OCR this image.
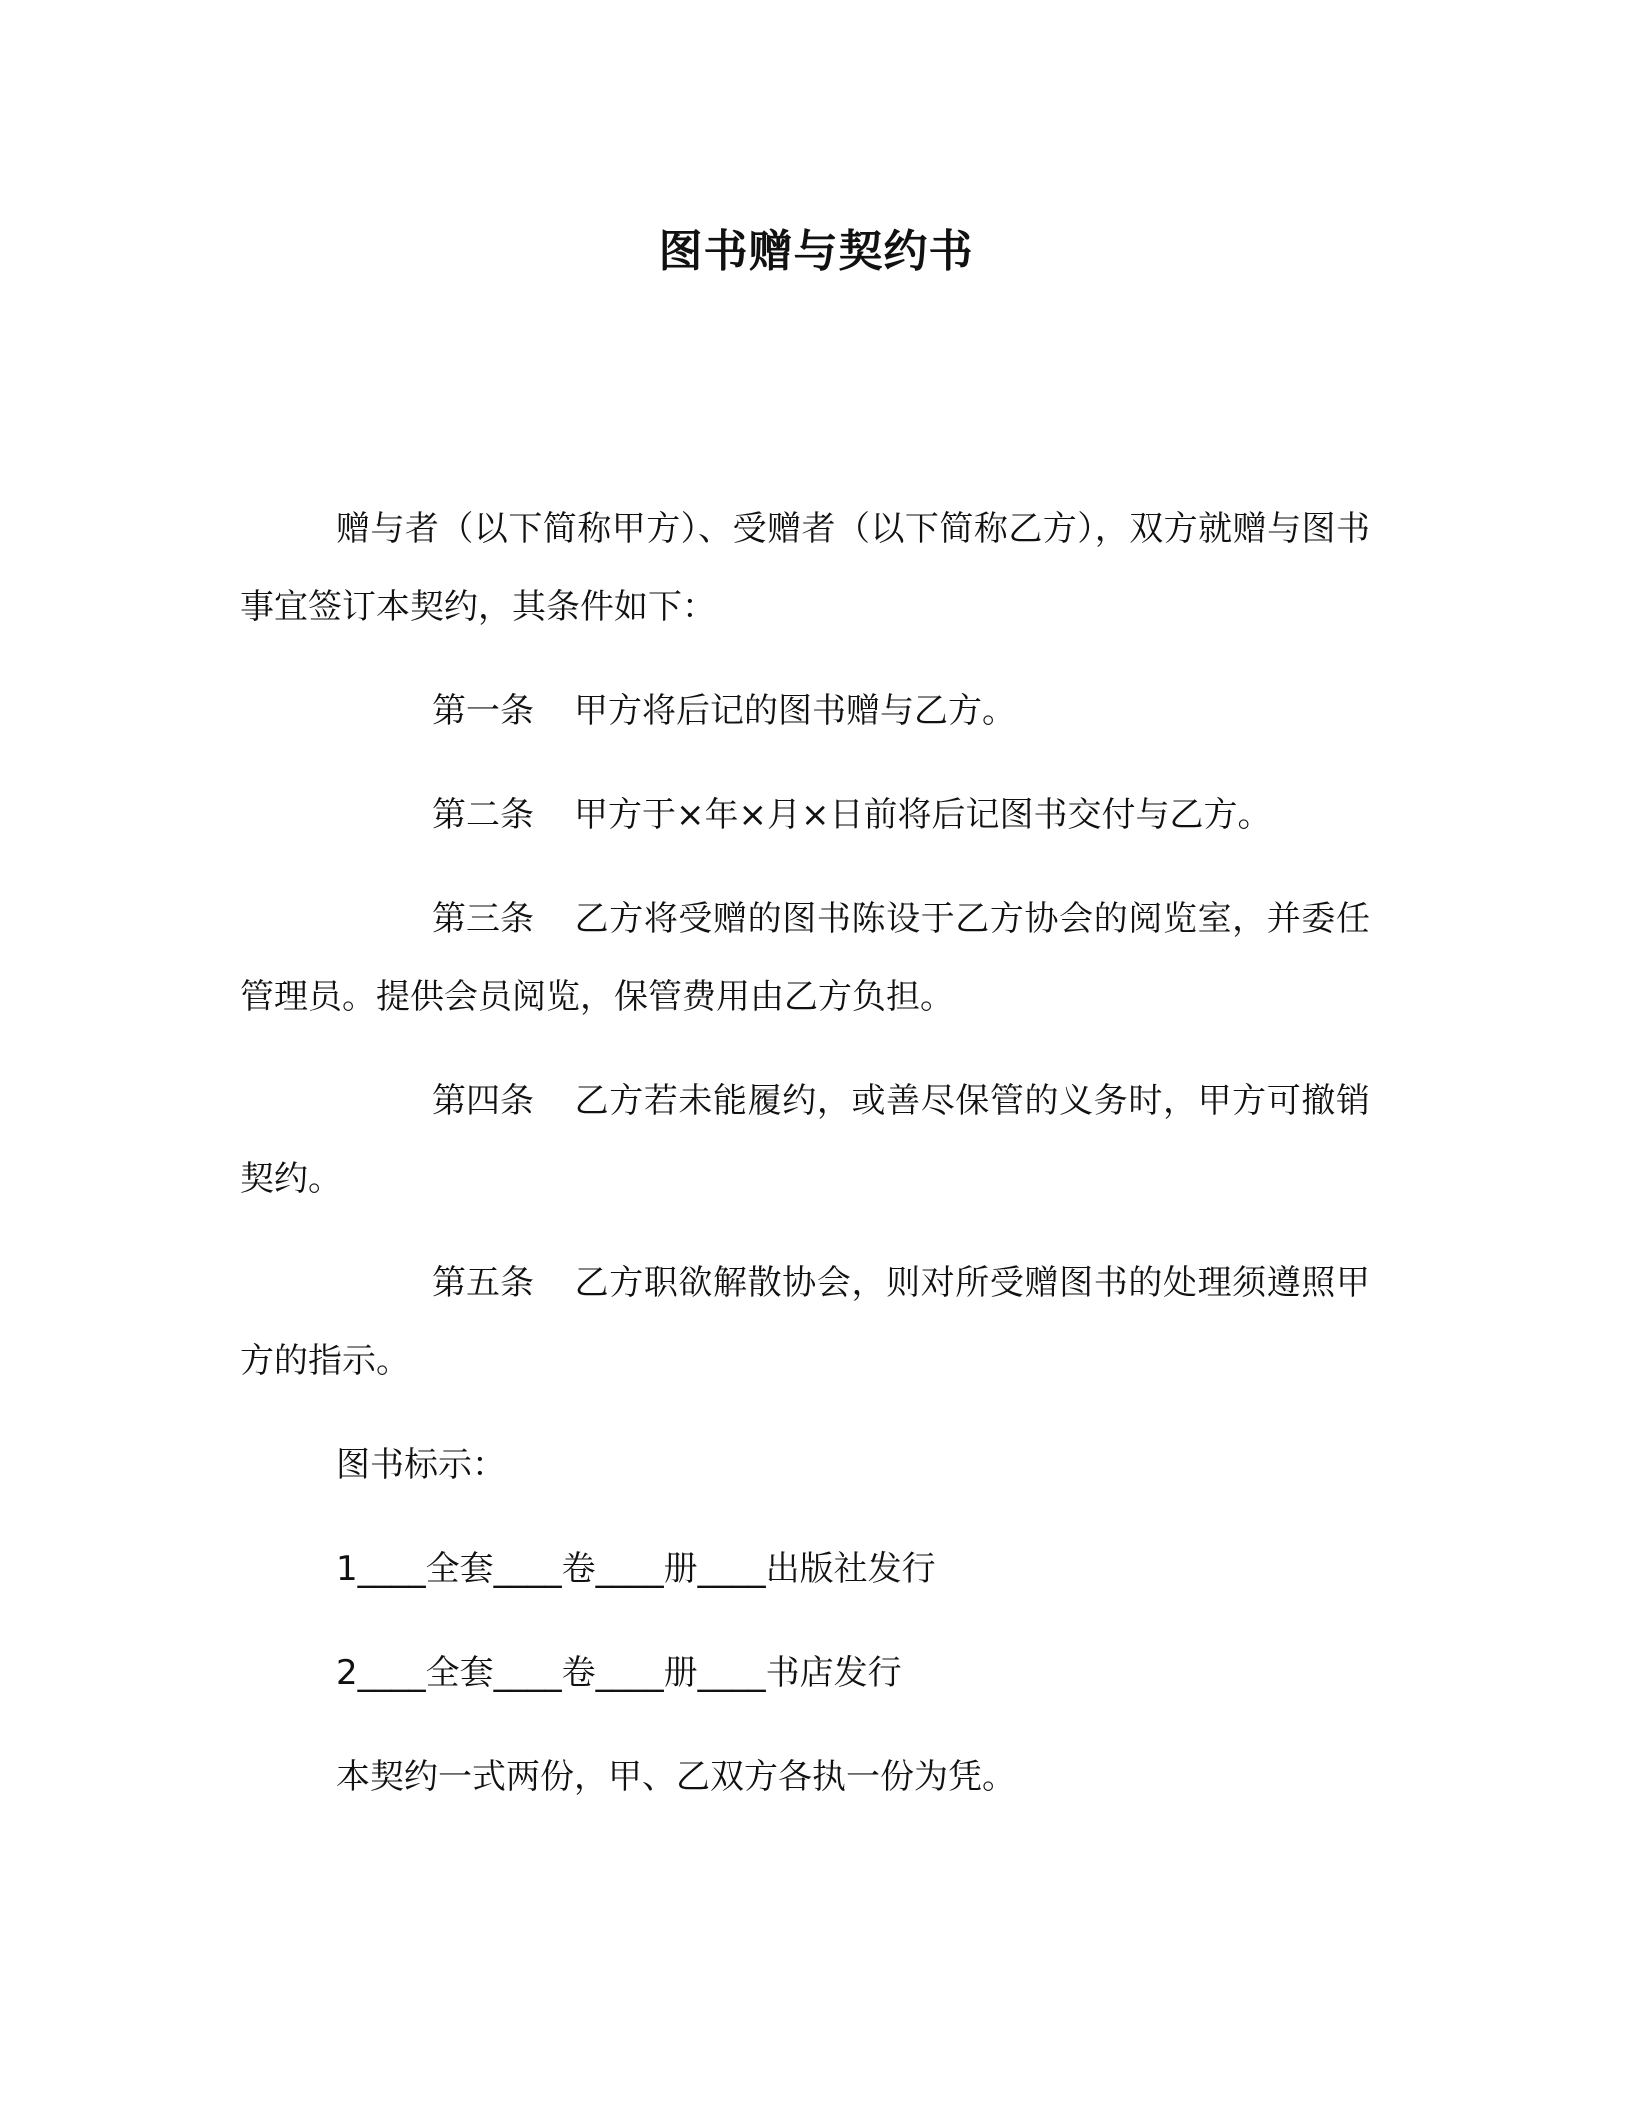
图书赠与契约书

赠与者（以下简称甲方）、受赠者（以下简称乙方），双方就赠与图书事宜签订本契约，其条件如下：

第一条 甲方将后记的图书赠与乙方。

第二条 甲方于×年×月×日前将后记图书交付与乙方。

第三条 乙方将受赠的图书陈设于乙方协会的阅览室，并委任管理员。提供会员阅览，保管费用由乙方负担。

第四条 乙方若未能履约，或善尽保管的义务时，甲方可撤销契约。

第五条 乙方职欲解散协会，则对所受赠图书的处理须遵照甲方的指示。

图书标示：

1____全套____卷____册____出版社发行

2____全套____卷____册____书店发行

本契约一式两份，甲、乙双方各执一份为凭。
